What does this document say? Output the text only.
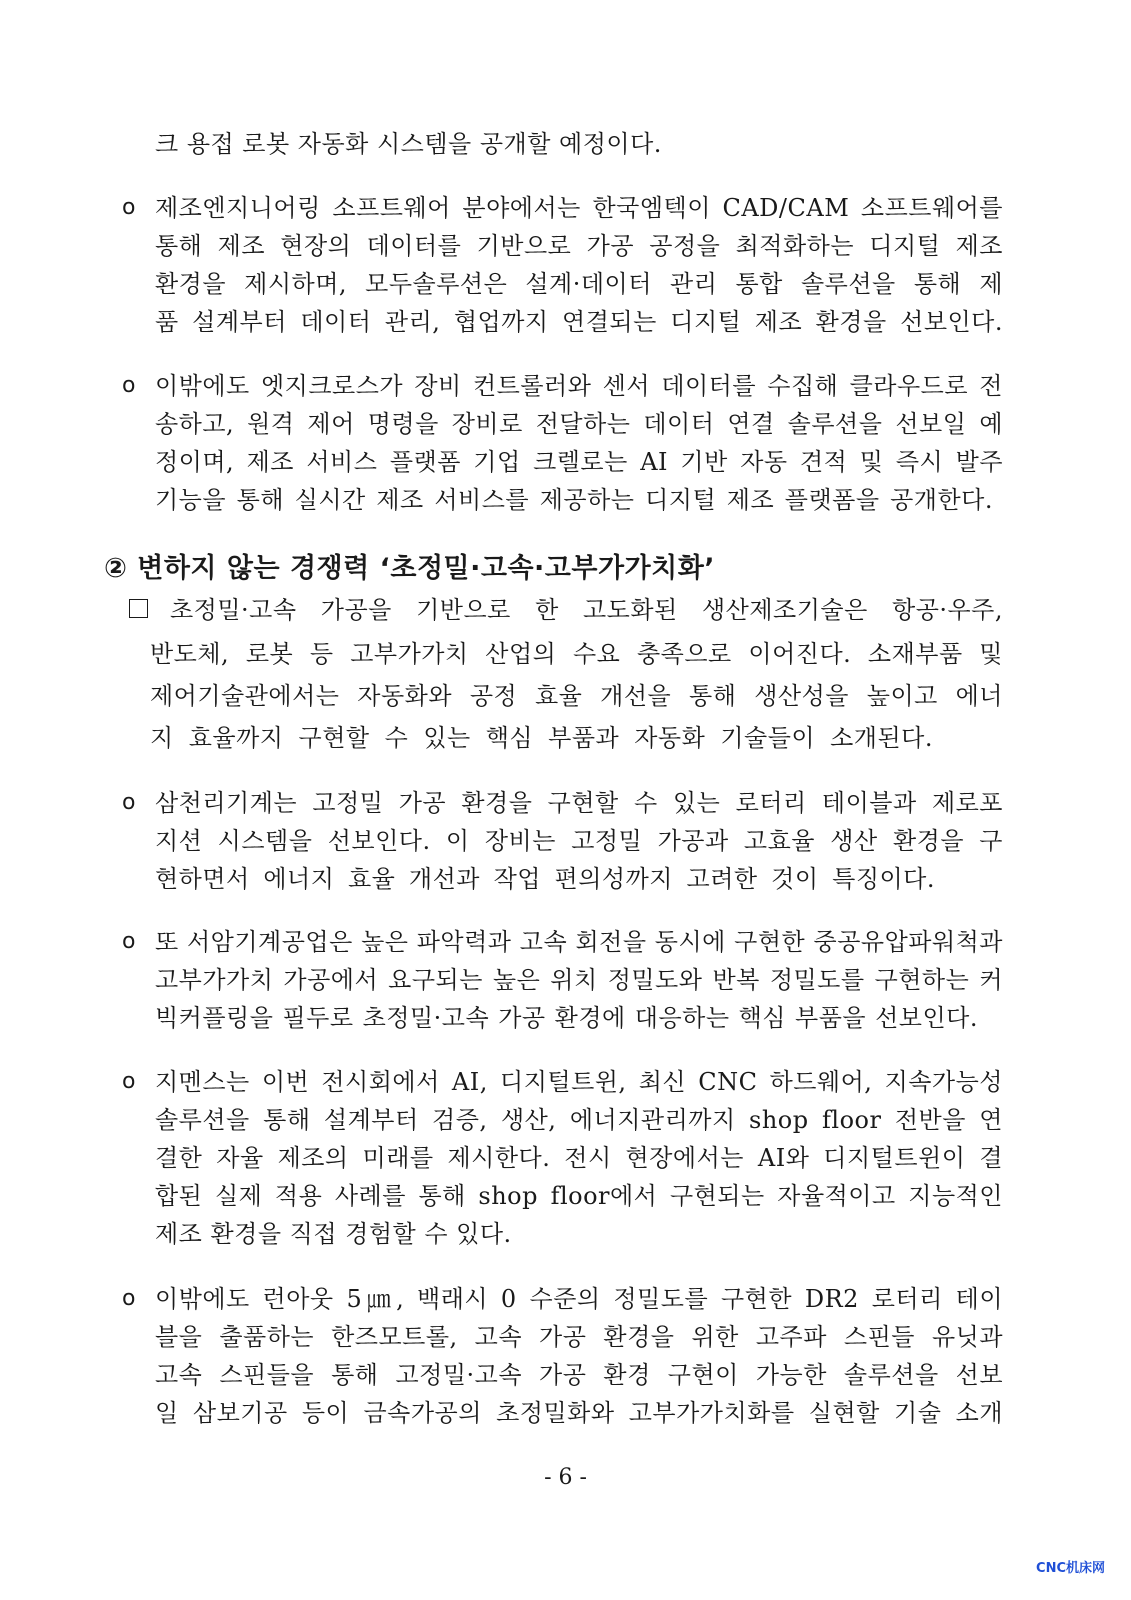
크 용접 로봇 자동화 시스템을 공개할 예정이다.
o 제조엔지니어링 소프트웨어 분야에서는 한국엠텍이 CAD/CAM 소프트웨어를
통해 제조 현장의 데이터를 기반으로 가공 공정을 최적화하는 디지털 제조
환경을 제시하며, 모두솔루션은 설계·데이터 관리 통합 솔루션을 통해 제
품 설계부터 데이터 관리, 협업까지 연결되는 디지털 제조 환경을 선보인다.
o 이밖에도 엣지크로스가 장비 컨트롤러와 센서 데이터를 수집해 클라우드로 전
송하고, 원격 제어 명령을 장비로 전달하는 데이터 연결 솔루션을 선보일 예
정이며, 제조 서비스 플랫폼 기업 크렐로는 AI 기반 자동 견적 및 즉시 발주
기능을 통해 실시간 제조 서비스를 제공하는 디지털 제조 플랫폼을 공개한다.
② 변하지 않는 경쟁력 ‘초정밀·고속·고부가가치화’
초정밀·고속 가공을 기반으로 한 고도화된 생산제조기술은 항공·우주,
반도체, 로봇 등 고부가가치 산업의 수요 충족으로 이어진다. 소재부품 및
제어기술관에서는 자동화와 공정 효율 개선을 통해 생산성을 높이고 에너
지 효율까지 구현할 수 있는 핵심 부품과 자동화 기술들이 소개된다.
o 삼천리기계는 고정밀 가공 환경을 구현할 수 있는 로터리 테이블과 제로포
지션 시스템을 선보인다. 이 장비는 고정밀 가공과 고효율 생산 환경을 구
현하면서 에너지 효율 개선과 작업 편의성까지 고려한 것이 특징이다.
o 또 서암기계공업은 높은 파악력과 고속 회전을 동시에 구현한 중공유압파워척과
고부가가치 가공에서 요구되는 높은 위치 정밀도와 반복 정밀도를 구현하는 커
빅커플링을 필두로 초정밀·고속 가공 환경에 대응하는 핵심 부품을 선보인다.
o 지멘스는 이번 전시회에서 AI, 디지털트윈, 최신 CNC 하드웨어, 지속가능성
솔루션을 통해 설계부터 검증, 생산, 에너지관리까지 shop floor 전반을 연
결한 자율 제조의 미래를 제시한다. 전시 현장에서는 AI와 디지털트윈이 결
합된 실제 적용 사례를 통해 shop floor에서 구현되는 자율적이고 지능적인
제조 환경을 직접 경험할 수 있다.
o 이밖에도 런아웃 5㎛, 백래시 0 수준의 정밀도를 구현한 DR2 로터리 테이
블을 출품하는 한즈모트롤, 고속 가공 환경을 위한 고주파 스핀들 유닛과
고속 스핀들을 통해 고정밀·고속 가공 환경 구현이 가능한 솔루션을 선보
일 삼보기공 등이 금속가공의 초정밀화와 고부가가치화를 실현할 기술 소개
- 6 -
CNC机床网
